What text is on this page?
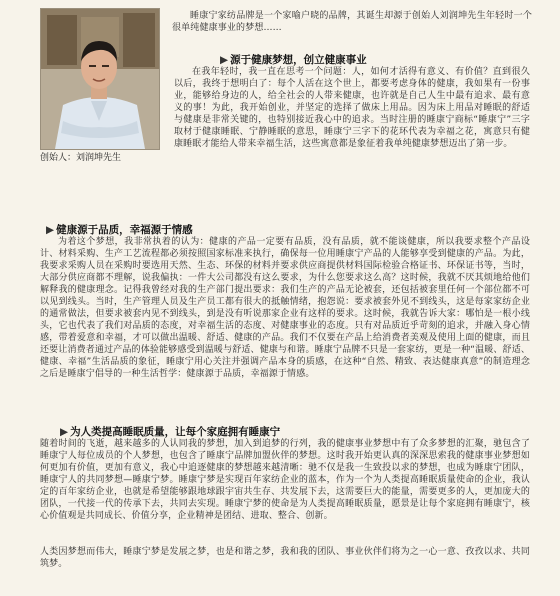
睡康宁家纺品牌是一个家喻户晓的品牌，其诞生却源于创始人刘润坤先生年轻时一个很单纯健康事业的梦想……
▶ 源于健康梦想，创立健康事业
在我年轻时，我一直在思考一个问题：人，如何才活得有意义、有价值？直到很久以后，我终于想明白了：每个人活在这个世上，都要考虑身体的健康，我如果有一份事业，能够给身边的人，给全社会的人带来健康，也许就是自己人生中最有追求、最有意义的事！为此，我开始创业，并坚定的选择了做床上用品。因为床上用品对睡眠的舒适与健康是非常关键的，也特别接近我心中的追求。当时注册的睡康宁商标“睡康宁”三字取材于健康睡眠、宁静睡眠的意思，睡康宁三字下的花环代表为幸福之花，寓意只有健康睡眠才能给人带来幸福生活，这些寓意都是象征着我单纯健康梦想迈出了第一步。
创始人：刘润坤先生
▶ 健康源于品质，幸福源于情感
为着这个梦想，我非常执着的认为：健康的产品一定要有品质，没有品质，就不能谈健康，所以我要求整个产品设计、材料采购、生产工艺流程都必须按照国家标准来执行，确保每一位用睡康宁产品的人能够享受到健康的产品。为此，我要求采购人员在采购时要选用天然、生态、环保的材料并要求供应商提供材料国际检验合格证书、环保证书等，当时，大部分供应商都不理解，说我偏执：一件大公司都没有这么要求，为什么您要求这么高？这时候，我就不厌其烦地给他们解释我的健康理念。记得我曾经对我的生产部门提出要求：我们生产的产品无论被套，还包括被套里任何一个部位都不可以见到线头。当时，生产管理人员及生产员工都有很大的抵触情绪，抱怨说：要求被套外见不到线头，这是每家家纺企业的通常做法，但要求被套内见不到线头，到是没有听说那家企业有这样的要求。这时候，我就告诉大家：哪怕是一根小线头，它也代表了我们对品质的态度，对幸福生活的态度、对健康事业的态度。只有对品质近乎苛刻的追求，并融入身心情感，带着爱意和幸福，才可以做出温暖、舒适、健康的产品。我们不仅要在产品上给消费者美观及使用上面的健康，而且还要让消费者通过产品的体验能够感受到温暖与舒适、健康与和谐。睡康宁品牌不只是一套家纺，更是一种“温暖、舒适、健康、幸福”生活品质的象征，睡康宁用心关注并强调产品本身的质感，在这种“自然、精致、表达健康真意”的制造理念之后是睡康宁倡导的一种生活哲学：健康源于品质，幸福源于情感。
▶ 为人类提高睡眠质量，让每个家庭拥有睡康宁
随着时间的飞逝，越来越多的人认同我的梦想，加入到追梦的行列，我的健康事业梦想中有了众多梦想的汇聚，驰包含了睡康宁人每位成员的个人梦想，也包含了睡康宁品牌加盟伙伴的梦想。这时我开始更认真的深深思索我的健康事业梦想如何更加有价值，更加有意义，我心中追逐健康的梦想越来越清晰：驰不仅是我一生致投以求的梦想，也成为睡康宁团队，睡康宁人的共同梦想—睡康宁梦。睡康宁梦是实现百年家纺企业的蓝本，作为一个为人类提高睡眠质量使命的企业，我认定的百年家纺企业，也就是希望能够跟地球跟宇宙共生存、共发展下去，这需要巨大的能量，需要更多的人，更加庞大的团队，一代接一代的传承下去，共同去实现。睡康宁梦的使命是为人类提高睡眠质量，愿景是让每个家庭拥有睡康宁，核心价值观是共同成长、价值分享，企业精神是团结、进取、整合、创新。
人类因梦想而伟大，睡康宁梦是发展之梦，也是和谐之梦，我和我的团队、事业伙伴们将为之一心一意、孜孜以求、共同筑梦。
